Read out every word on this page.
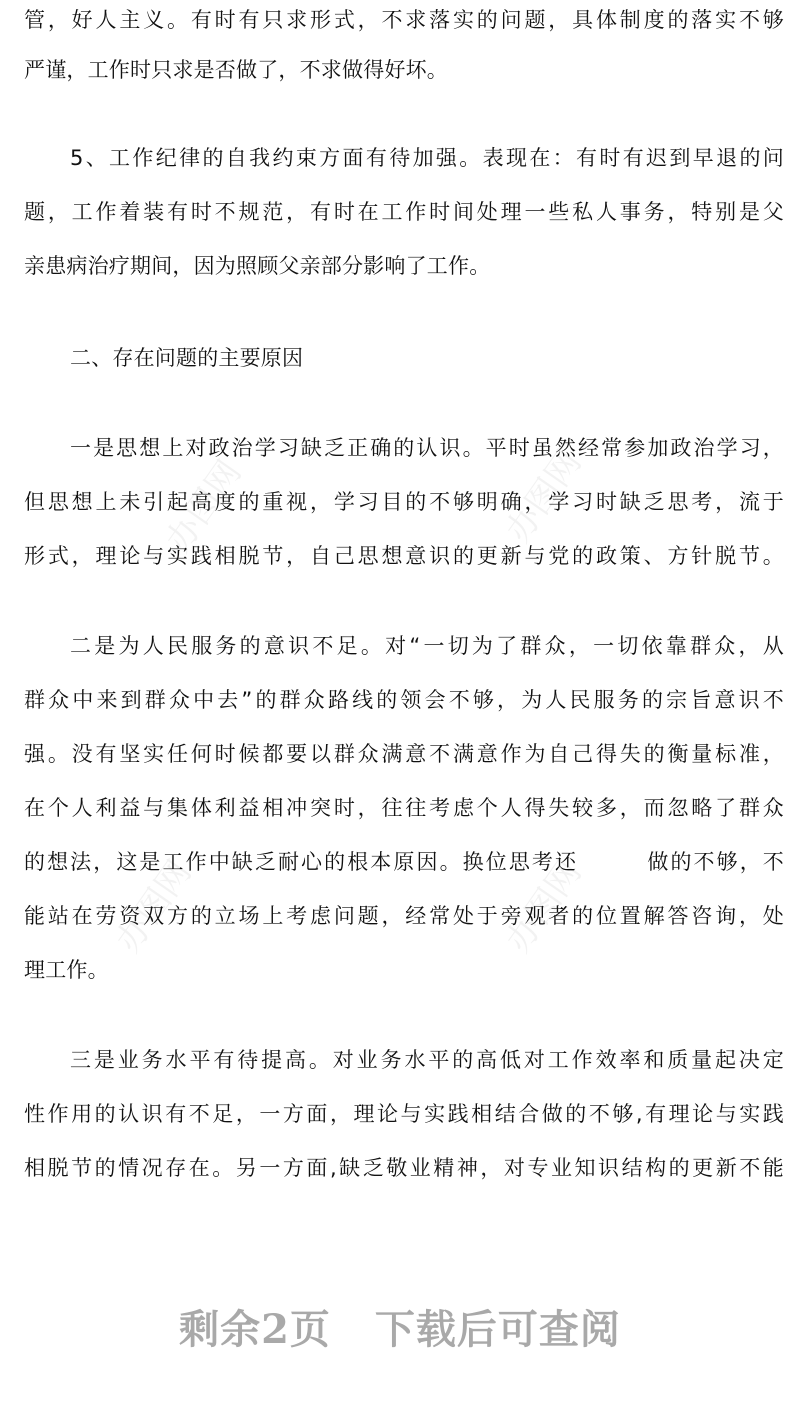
办图网	办图网
办图网	办图网
管，好人主义。有时有只求形式，不求落实的问题，具体制度的落实不够
严谨，工作时只求是否做了，不求做得好坏。
5、工作纪律的自我约束方面有待加强。表现在：有时有迟到早退的问
题，工作着装有时不规范，有时在工作时间处理一些私人事务，特别是父
亲患病治疗期间，因为照顾父亲部分影响了工作。
二、存在问题的主要原因
一是思想上对政治学习缺乏正确的认识。平时虽然经常参加政治学习，
但思想上未引起高度的重视，学习目的不够明确，学习时缺乏思考，流于
形式，理论与实践相脱节，自己思想意识的更新与党的政策、方针脱节。
二是为人民服务的意识不足。对“一切为了群众，一切依靠群众，从
群众中来到群众中去”的群众路线的领会不够，为人民服务的宗旨意识不
强。没有坚实任何时候都要以群众满意不满意作为自己得失的衡量标准，
在个人利益与集体利益相冲突时，往往考虑个人得失较多，而忽略了群众
的想法，这是工作中缺乏耐心的根本原因。换位思考还　　　做的不够，不
能站在劳资双方的立场上考虑问题，经常处于旁观者的位置解答咨询，处
理工作。
三是业务水平有待提高。对业务水平的高低对工作效率和质量起决定
性作用的认识有不足，一方面，理论与实践相结合做的不够,有理论与实践
相脱节的情况存在。另一方面,缺乏敬业精神，对专业知识结构的更新不能
剩余2页 下载后可查阅
